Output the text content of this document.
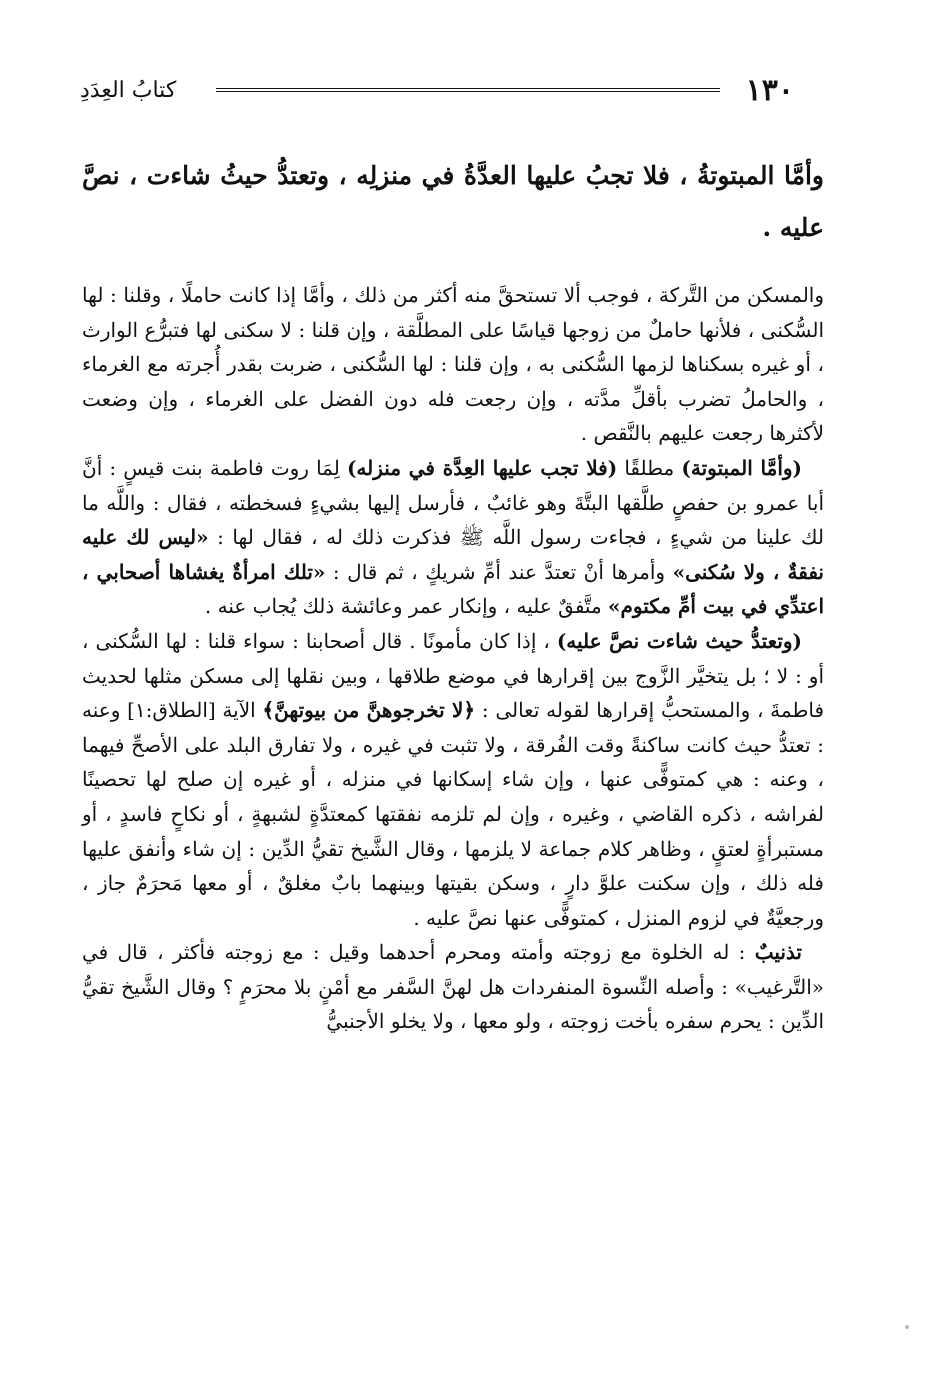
١٣٠
كتابُ العِدَدِ
وأمَّا المبتوتةُ ، فلا تجبُ عليها العدَّةُ في منزلِه ، وتعتدُّ حيثُ شاءت ، نصَّ عليه .

والمسكن من التَّركة ، فوجب ألا تستحقَّ منه أكثر من ذلك ، وأمَّا إذا كانت حاملًا ، وقلنا : لها السُّكنى ، فلأنها حاملٌ من زوجها قياسًا على المطلَّقة ، وإن قلنا : لا سكنى لها فتبرُّع الوارث ، أو غيره بسكناها لزمها السُّكنى به ، وإن قلنا : لها السُّكنى ، ضربت بقدر أُجرته مع الغرماء ، والحاملُ تضرب بأقلِّ مدَّته ، وإن رجعت فله دون الفضل على الغرماء ، وإن وضعت لأكثرها رجعت عليهم بالنَّقص .

(وأمَّا المبتوتة) مطلقًا (فلا تجب عليها العِدَّة في منزله) لِمَا روت فاطمة بنت قيسٍ : أنَّ أبا عمرو بن حفصٍ طلَّقها البتَّةَ وهو غائبٌ ، فأرسل إليها بشيءٍ فسخطته ، فقال : واللَّه ما لك علينا من شيءٍ ، فجاءت رسول اللَّه ﷺ فذكرت ذلك له ، فقال لها : «ليس لك عليه نفقةٌ ، ولا سُكنى» وأمرها أنْ تعتدَّ عند أمِّ شريكٍ ، ثم قال : «تلك امرأةٌ يغشاها أصحابي ، اعتدِّي في بيت أمِّ مكتوم» متَّفقٌ عليه ، وإنكار عمر وعائشة ذلك يُجاب عنه .

(وتعتدُّ حيث شاءت نصَّ عليه) ، إذا كان مأمونًا . قال أصحابنا : سواء قلنا : لها السُّكنى ، أو : لا ؛ بل يتخيَّر الزَّوج بين إقرارها في موضع طلاقها ، وبين نقلها إلى مسكن مثلها لحديث فاطمةَ ، والمستحبُّ إقرارها لقوله تعالى : ﴿لا تخرجوهنَّ من بيوتهنَّ﴾ الآية [الطلاق:١] وعنه : تعتدُّ حيث كانت ساكنةً وقت الفُرقة ، ولا تثبت في غيره ، ولا تفارق البلد على الأصحِّ فيهما ، وعنه : هي كمتوفًّى عنها ، وإن شاء إسكانها في منزله ، أو غيره إن صلح لها تحصينًا لفراشه ، ذكره القاضي ، وغيره ، وإن لم تلزمه نفقتها كمعتدَّةٍ لشبهةٍ ، أو نكاحٍ فاسدٍ ، أو مستبرأةٍ لعتقٍ ، وظاهر كلام جماعة لا يلزمها ، وقال الشَّيخ تقيُّ الدِّين : إن شاء وأنفق عليها فله ذلك ، وإن سكنت علوَّ دارٍ ، وسكن بقيتها وبينهما بابٌ مغلقٌ ، أو معها مَحرَمٌ جاز ، ورجعيَّةٌ في لزوم المنزل ، كمتوفًّى عنها نصَّ عليه .

تذنيبٌ : له الخلوة مع زوجته وأمته ومحرم أحدهما وقيل : مع زوجته فأكثر ، قال في «التَّرغيب» : وأصله النِّسوة المنفردات هل لهنَّ السَّفر مع أمْنٍ بلا محرَمٍ ؟ وقال الشَّيخ تقيُّ الدِّين : يحرم سفره بأخت زوجته ، ولو معها ، ولا يخلو الأجنبيُّ
